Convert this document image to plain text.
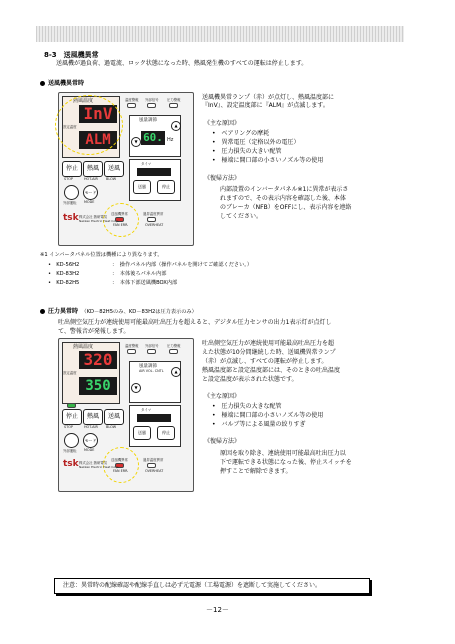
8-3　送風機異常
送風機が過負荷、過電流、ロック状態になった時、熱風発生機のすべての運転は停止します。
送風機異常時
熱風温度
InV
ALM
設定温度
温度警報 外部信号 圧力警報
風量調節
60. Hz
▼
▲
停止	熱風	送風
STOP	HOT-AIR BLOW
モード
外部運転 MODE
タイマ
送風	停止
送風機異常	過昇温度異常
FAN ERR.	OVERHEAT
tsk 株式会社 熱研電気
Nekken Electric Heat Corp.
送風機異常ランプ（赤）が点灯し、熱風温度部に
『InV』、設定温度部に『ALM』が点滅します。
《主な原因》
•　ベアリングの摩耗
•　異常電圧（定格以外の電圧）
•　圧力損失の大きい配管
•　極端に開口部の小さいノズル等の使用
《復帰方法》
内部設置のインバータパネル※1に異常が表示さ
れますので、その表示内容を確認した後、本体
のブレーカ（NFB）をOFFにし、表示内容を連絡
してください。
※1 インバータパネル位置は機種により異なります。
•　KD-56H2	：　操作パネル内部（操作パネルを開けてご確認ください。）
•　KD-83H2	：　本体後ろパネル内部
•　KD-82H5	：　本体下部送風機BOX内部
圧力異常時　 （KD－82H5のみ、KD－83H2は圧力表示のみ）
吐出側空気圧力が連続使用可能最高吐出圧力を超えると、デジタル圧力センサの出力1表示灯が点灯し
て、警報音が発報します。
熱風温度
320
350
設定温度
温度警報 外部信号 圧力警報
風量調節
AIR VOL. CNTL
▼
▲
停止	熱風	送風
STOP	HOT-AIR BLOW
モード
外部運転 MODE
タイマ
送風	停止
送風機異常	過昇温度異常
FAN ERR.	OVERHEAT
tsk 株式会社 熱研電気
Nekken Electric Heat Corp.
吐出側空気圧力が連続使用可能最高吐出圧力を超
えた状態が10分間継続した時、送風機異常ランプ
（赤）が点滅し、すべての運転が停止します。
熱風温度部と設定温度部には、そのときの吐出温度
と設定温度が表示された状態です。
《主な原因》
•　圧力損失の大きな配管
•　極端に開口部の小さいノズル等の使用
•　バルブ等による風量の絞りすぎ
《復帰方法》
原因を取り除き、連続使用可能最高吐出圧力以
下で運転できる状態になった後、停止スイッチを
押すことで解除できます。
注意：異常時の配線確認や配線手直しは必ず元電源（工場電源）を遮断して実施してください。
－12－
